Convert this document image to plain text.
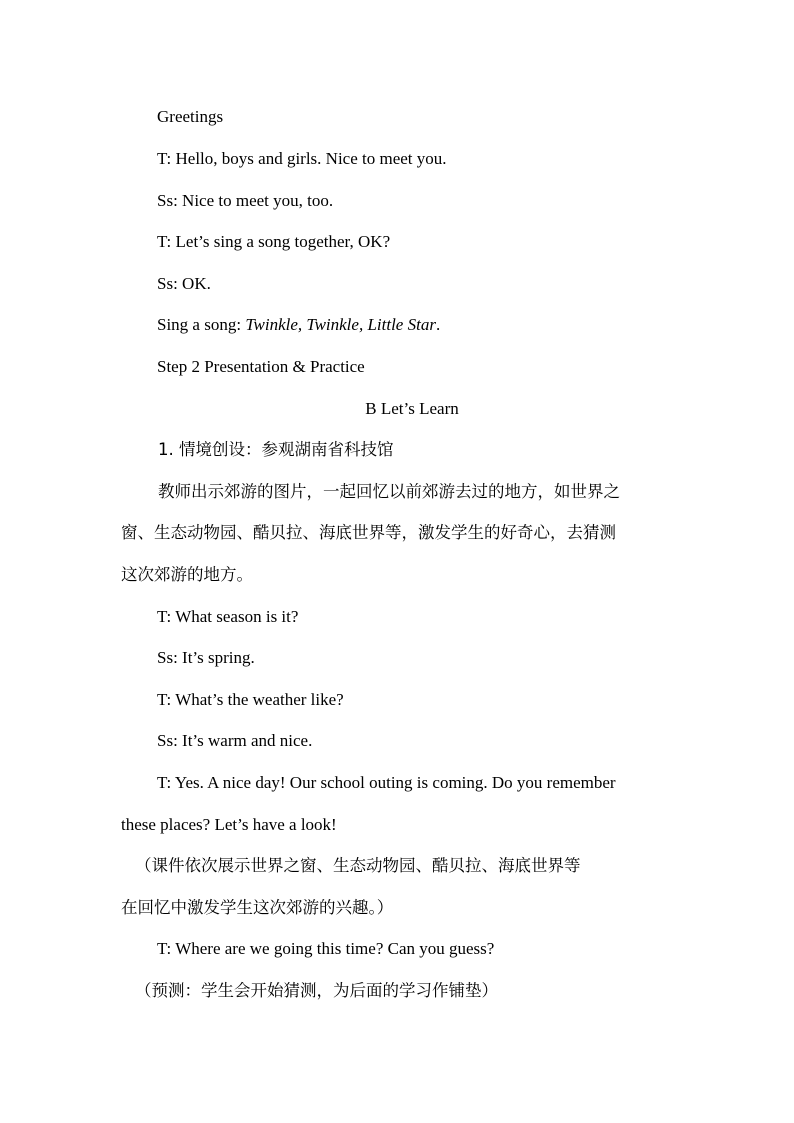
Greetings
T: Hello, boys and girls. Nice to meet you.
Ss: Nice to meet you, too.
T: Let’s sing a song together, OK?
Ss: OK.
Sing a song: Twinkle, Twinkle, Little Star.
Step 2 Presentation & Practice
B Let’s Learn
1. 情境创设：参观湖南省科技馆
教师出示郊游的图片，一起回忆以前郊游去过的地方，如世界之
窗、生态动物园、酷贝拉、海底世界等，激发学生的好奇心，去猜测
这次郊游的地方。
T: What season is it?
Ss: It’s spring.
T: What’s the weather like?
Ss: It’s warm and nice.
T: Yes. A nice day! Our school outing is coming. Do you remember
these places? Let’s have a look!
（课件依次展示世界之窗、生态动物园、酷贝拉、海底世界等
在回忆中激发学生这次郊游的兴趣。）
T: Where are we going this time? Can you guess?
（预测：学生会开始猜测，为后面的学习作铺垫）
